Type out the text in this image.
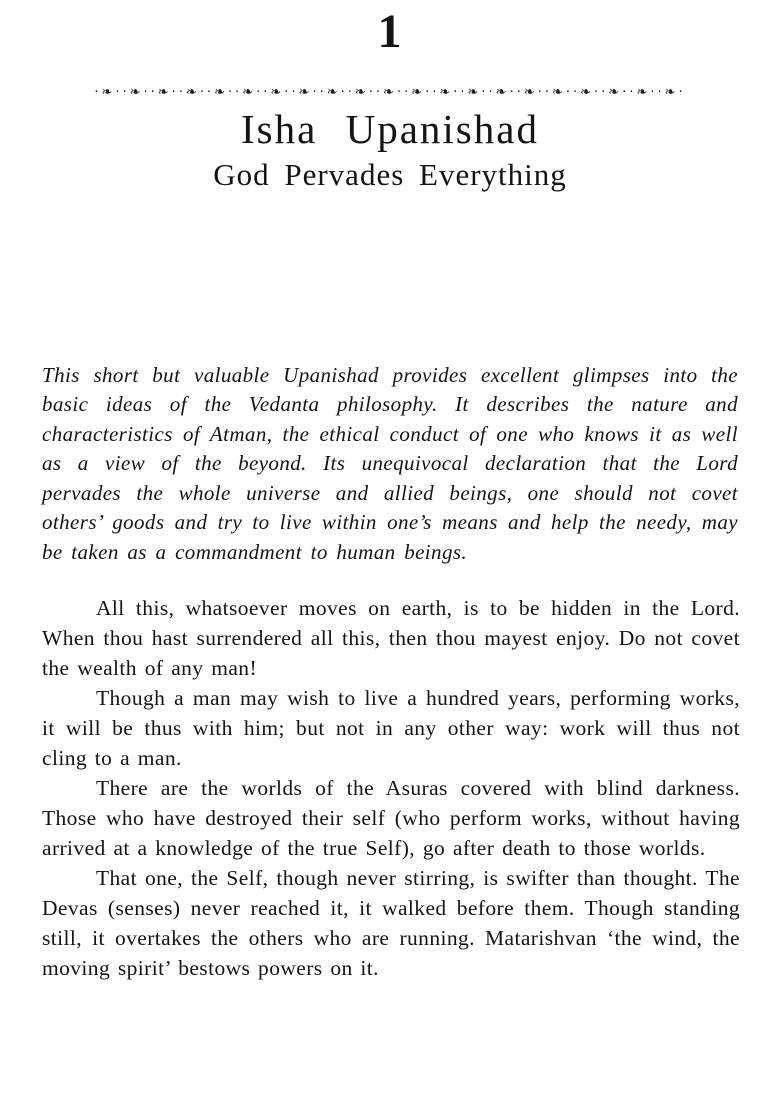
1
·❧··❧··❧··❧··❧··❧··❧··❧··❧··❧··❧··❧··❧··❧··❧··❧··❧··❧··❧··❧··❧·
Isha Upanishad
God Pervades Everything

This short but valuable Upanishad provides excellent glimpses into the basic ideas of the Vedanta philosophy. It describes the nature and characteristics of Atman, the ethical conduct of one who knows it as well as a view of the beyond. Its unequivocal declaration that the Lord pervades the whole universe and allied beings, one should not covet others’ goods and try to live within one’s means and help the needy, may be taken as a commandment to human beings.

All this, whatsoever moves on earth, is to be hidden in the Lord. When thou hast surrendered all this, then thou mayest enjoy. Do not covet the wealth of any man!

Though a man may wish to live a hundred years, performing works, it will be thus with him; but not in any other way: work will thus not cling to a man.

There are the worlds of the Asuras covered with blind darkness. Those who have destroyed their self (who perform works, without having arrived at a knowledge of the true Self), go after death to those worlds.

That one, the Self, though never stirring, is swifter than thought. The Devas (senses) never reached it, it walked before them. Though standing still, it overtakes the others who are running. Matarishvan ‘the wind, the moving spirit’ bestows powers on it.
